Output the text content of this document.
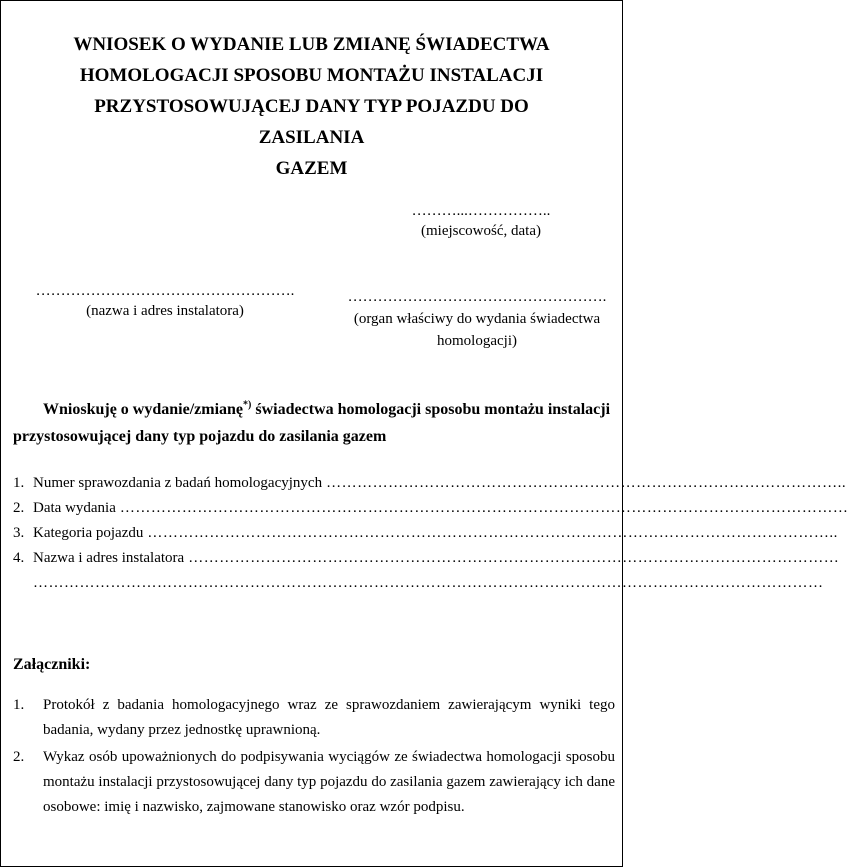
WNIOSEK O WYDANIE LUB ZMIANĘ ŚWIADECTWA
HOMOLOGACJI SPOSOBU MONTAŻU INSTALACJI
PRZYSTOSOWUJĄCEJ DANY TYP POJAZDU DO ZASILANIA
GAZEM
………...……………..
(miejscowość, data)
…………………………………………….
(nazwa i adres instalatora)
…………………………………………….
(organ właściwy do wydania świadectwa
homologacji)
Wnioskuję o wydanie/zmianę*) świadectwa homologacji sposobu montażu instalacji
przystosowującej dany typ pojazdu do zasilania gazem
1. Numer sprawozdania z badań homologacyjnych ………………………………………………………………………………………..
2. Data wydania ……………………………………………………………………………………………………………………………
3. Kategoria pojazdu ……………………………………………………………………………………………………………………..
4. Nazwa i adres instalatora ………………………………………………………………………………………………………………
………………………………………………………………………………………………………………………………………
Załączniki:
1.	Protokół z badania homologacyjnego wraz ze sprawozdaniem zawierającym wyniki tego badania, wydany przez jednostkę uprawnioną.
2.	Wykaz osób upoważnionych do podpisywania wyciągów ze świadectwa homologacji sposobu montażu instalacji przystosowującej dany typ pojazdu do zasilania gazem zawierający ich dane osobowe: imię i nazwisko, zajmowane stanowisko oraz wzór podpisu.
